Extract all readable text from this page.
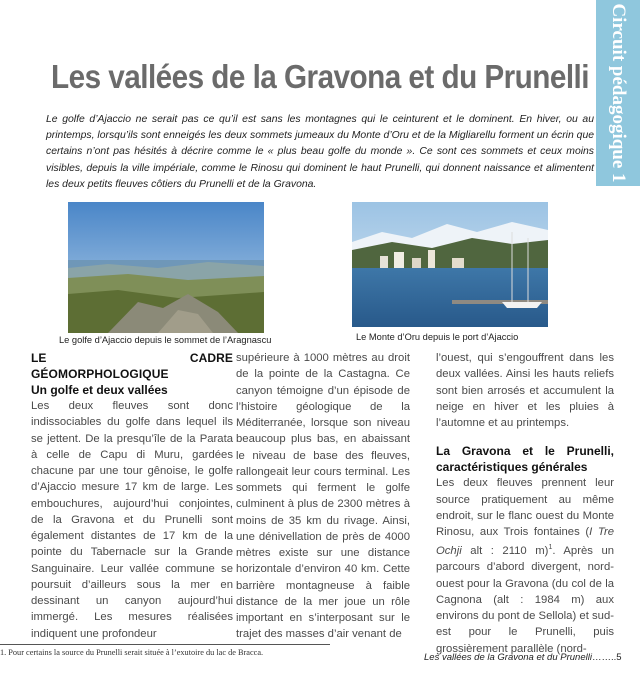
Circuit pédagogique 1
Les vallées de la Gravona et du Prunelli

Le golfe d’Ajaccio ne serait pas ce qu’il est sans les montagnes qui le ceinturent et le dominent. En hiver, ou au printemps, lorsqu’ils sont enneigés les deux sommets jumeaux du Monte d’Oru et de la Migliarellu forment un écrin que certains n’ont pas hésités à décrire comme le « plus beau golfe du monde ». Ce sont ces sommets et ceux moins visibles, depuis la ville impériale, comme le Rinosu qui dominent le haut Prunelli, qui donnent naissance et alimentent les deux petits fleuves côtiers du Prunelli et de la Gravona.

Le golfe d’Ajaccio depuis le sommet de l’Aragnascu	Le Monte d’Oru depuis le port d’Ajaccio

LE CADRE GÉOMORPHOLOGIQUE

Un golfe et deux vallées

Les deux fleuves sont donc indissociables du golfe dans lequel ils se jettent. De la presqu’île de la Parata à celle de Capu di Muru, gardées chacune par une tour gênoise, le golfe d’Ajaccio mesure 17 km de large. Les embouchures, aujourd’hui conjointes, de la Gravona et du Prunelli sont également distantes de 17 km de la pointe du Tabernacle sur la Grande Sanguinaire. Leur vallée commune se poursuit d’ailleurs sous la mer en dessinant un canyon aujourd’hui immergé. Les mesures réalisées indiquent une profondeur

supérieure à 1000 mètres au droit de la pointe de la Castagna. Ce canyon témoigne d’un épisode de l’histoire géologique de la Méditerranée, lorsque son niveau beaucoup plus bas, en abaissant le niveau de base des fleuves, rallongeait leur cours terminal. Les sommets qui ferment le golfe culminent à plus de 2300 mètres à moins de 35 km du rivage. Ainsi, une dénivellation de près de 4000 mètres existe sur une distance horizontale d’environ 40 km. Cette barrière montagneuse à faible distance de la mer joue un rôle important en s’interposant sur le trajet des masses d’air venant de

l’ouest, qui s’engouffrent dans les deux vallées. Ainsi les hauts reliefs sont bien arrosés et accumulent la neige en hiver et les pluies à l’automne et au printemps.

La Gravona et le Prunelli, caractéristiques générales

Les deux fleuves prennent leur source pratiquement au même endroit, sur le flanc ouest du Monte Rinosu, aux Trois fontaines (I Tre Ochji alt : 2110 m)$^1$. Après un parcours d’abord divergent, nord-ouest pour la Gravona (du col de la Cagnona (alt : 1984 m) aux environs du pont de Sellola) et sud-est pour le Prunelli, puis grossièrement parallèle (nord-

1. Pour certains la source du Prunelli serait située à l’exutoire du lac de Bracca.	Les vallées de la Gravona et du Prunelli……..5
